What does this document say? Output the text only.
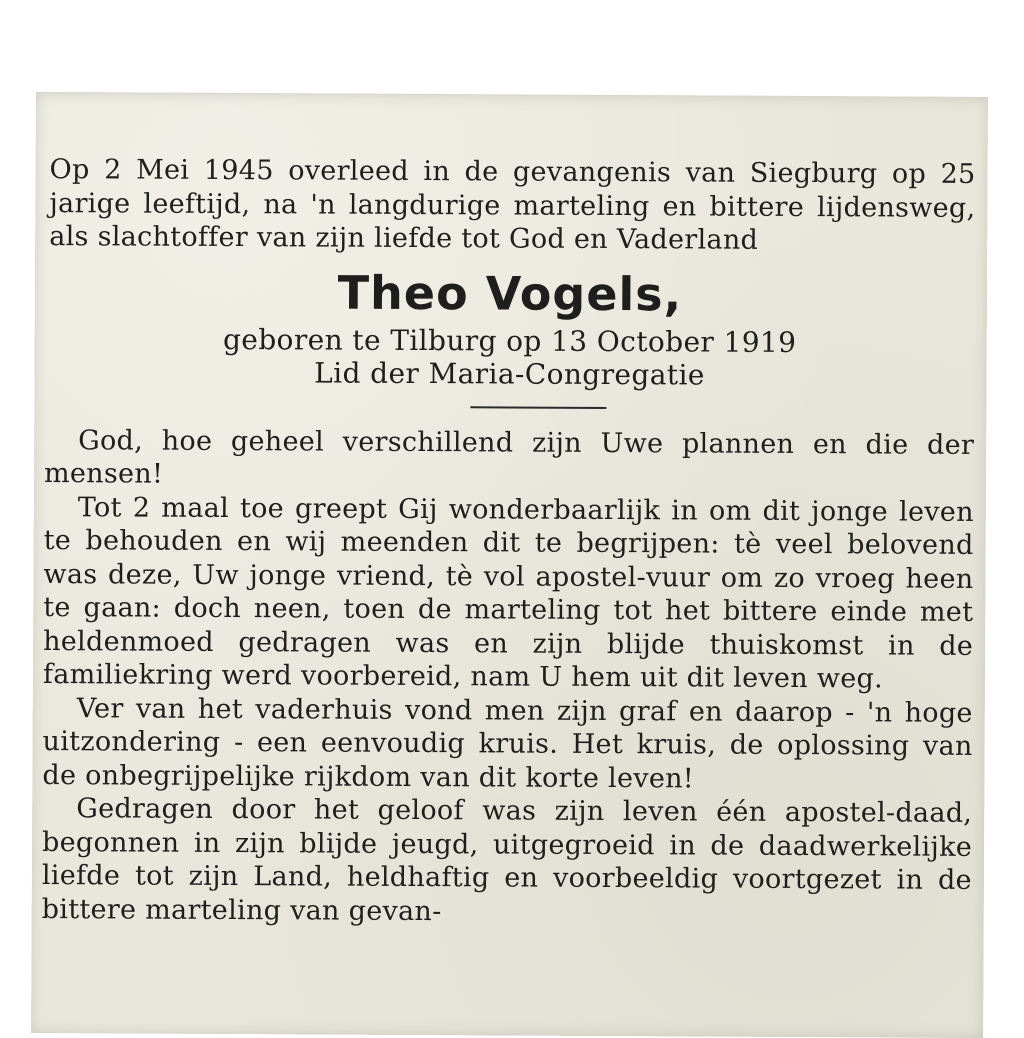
Op 2 Mei 1945 overleed in de gevangenis van Siegburg op 25 jarige leeftijd, na 'n langdurige marteling en bittere lijdensweg, als slachtoffer van zijn liefde tot God en Vaderland

Theo Vogels,

geboren te Tilburg op 13 October 1919

Lid der Maria-Congregatie

God, hoe geheel verschillend zijn Uwe plannen en die der mensen!

Tot 2 maal toe greept Gij wonderbaarlijk in om dit jonge leven te behouden en wij meenden dit te begrijpen: tè veel belovend was deze, Uw jonge vriend, tè vol apostel-vuur om zo vroeg heen te gaan: doch neen, toen de marteling tot het bittere einde met heldenmoed gedragen was en zijn blijde thuiskomst in de familiekring werd voorbereid, nam U hem uit dit leven weg.

Ver van het vaderhuis vond men zijn graf en daarop - 'n hoge uitzondering - een eenvoudig kruis. Het kruis, de oplossing van de onbegrijpelijke rijkdom van dit korte leven!

Gedragen door het geloof was zijn leven één apostel-daad, begonnen in zijn blijde jeugd, uitgegroeid in de daadwerkelijke liefde tot zijn Land, heldhaftig en voorbeeldig voortgezet in de bittere marteling van gevan-
